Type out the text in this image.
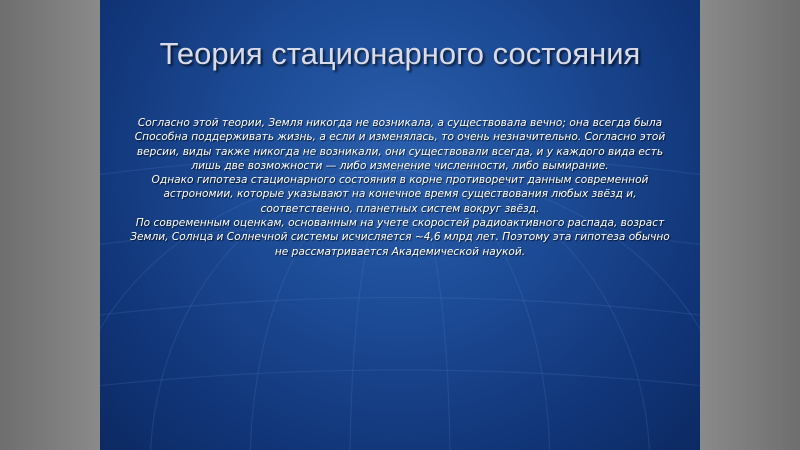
Теория стационарного состояния
Согласно этой теории, Земля никогда не возникала, а существовала вечно; она всегда была
Способна поддерживать жизнь, а если и изменялась, то очень незначительно. Согласно этой
версии, виды также никогда не возникали, они существовали всегда, и у каждого вида есть
лишь две возможности — либо изменение численности, либо вымирание.
Однако гипотеза стационарного состояния в корне противоречит данным современной
астрономии, которые указывают на конечное время существования любых звёзд и,
соответственно, планетных систем вокруг звёзд.
По современным оценкам, основанным на учете скоростей радиоактивного распада, возраст
Земли, Солнца и Солнечной системы исчисляется ~4,6 млрд лет. Поэтому эта гипотеза обычно
не рассматривается Академической наукой.
